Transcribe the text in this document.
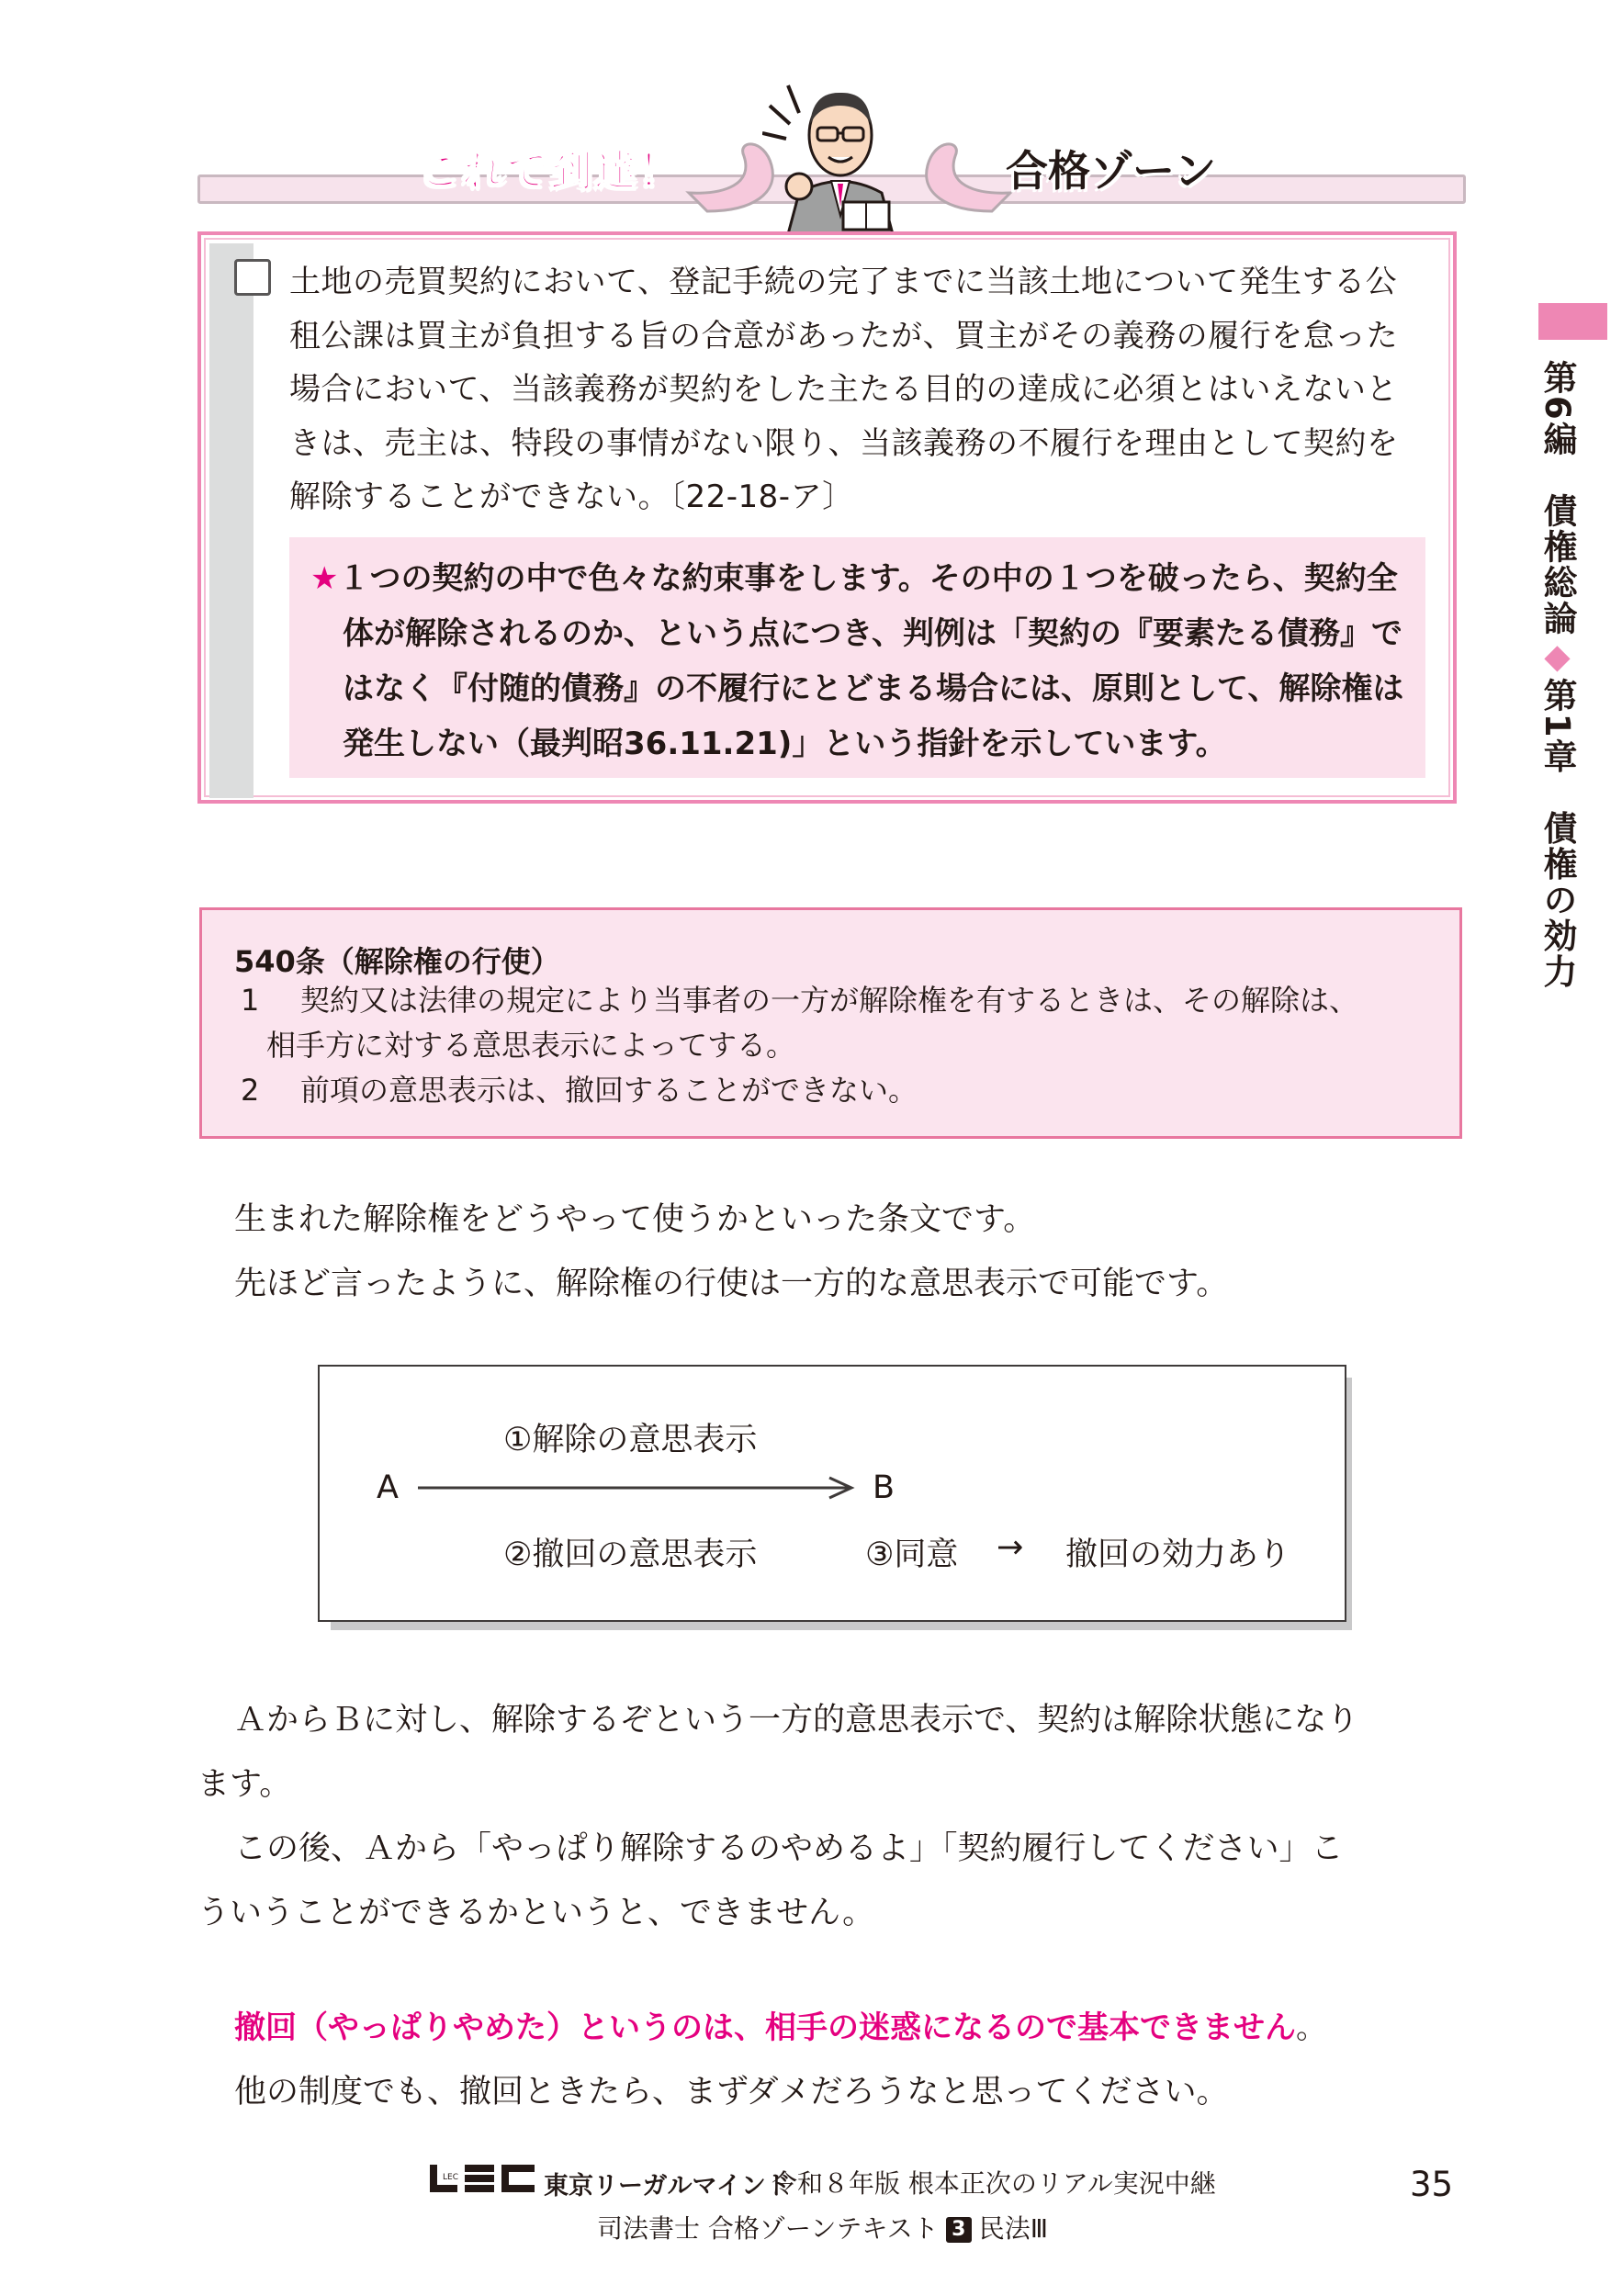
これで到達！	合格ゾーン
土地の売買契約において、登記手続の完了までに当該土地について発生する公
租公課は買主が負担する旨の合意があったが、買主がその義務の履行を怠った
場合において、当該義務が契約をした主たる目的の達成に必須とはいえないと
きは、売主は、特段の事情がない限り、当該義務の不履行を理由として契約を
解除することができない。〔22-18-ア〕
★１つの契約の中で色々な約束事をします。その中の１つを破ったら、契約全
体が解除されるのか、という点につき、判例は「契約の『要素たる債務』で
はなく『付随的債務』の不履行にとどまる場合には、原則として、解除権は
発生しない（最判昭36.11.21)」という指針を示しています。
540条（解除権の行使）
1 契約又は法律の規定により当事者の一方が解除権を有するときは、その解除は、
相手方に対する意思表示によってする。
2 前項の意思表示は、撤回することができない。
生まれた解除権をどうやって使うかといった条文です。
先ほど言ったように、解除権の行使は一方的な意思表示で可能です。
①解除の意思表示
A	B
②撤回の意思表示	③同意 → 撤回の効力あり
ＡからＢに対し、解除するぞという一方的意思表示で、契約は解除状態になり
ます。
この後、Ａから「やっぱり解除するのやめるよ」「契約履行してください」こ
ういうことができるかというと、できません。
撤回（やっぱりやめた）というのは、相手の迷惑になるので基本できません。
他の制度でも、撤回ときたら、まずダメだろうなと思ってください。
第6編　債権総論◆第1章　債権の効力
LEC	東京リーガルマインド
令和８年版 根本正次のリアル実況中継
司法書士 合格ゾーンテキスト 3 民法Ⅲ
35
